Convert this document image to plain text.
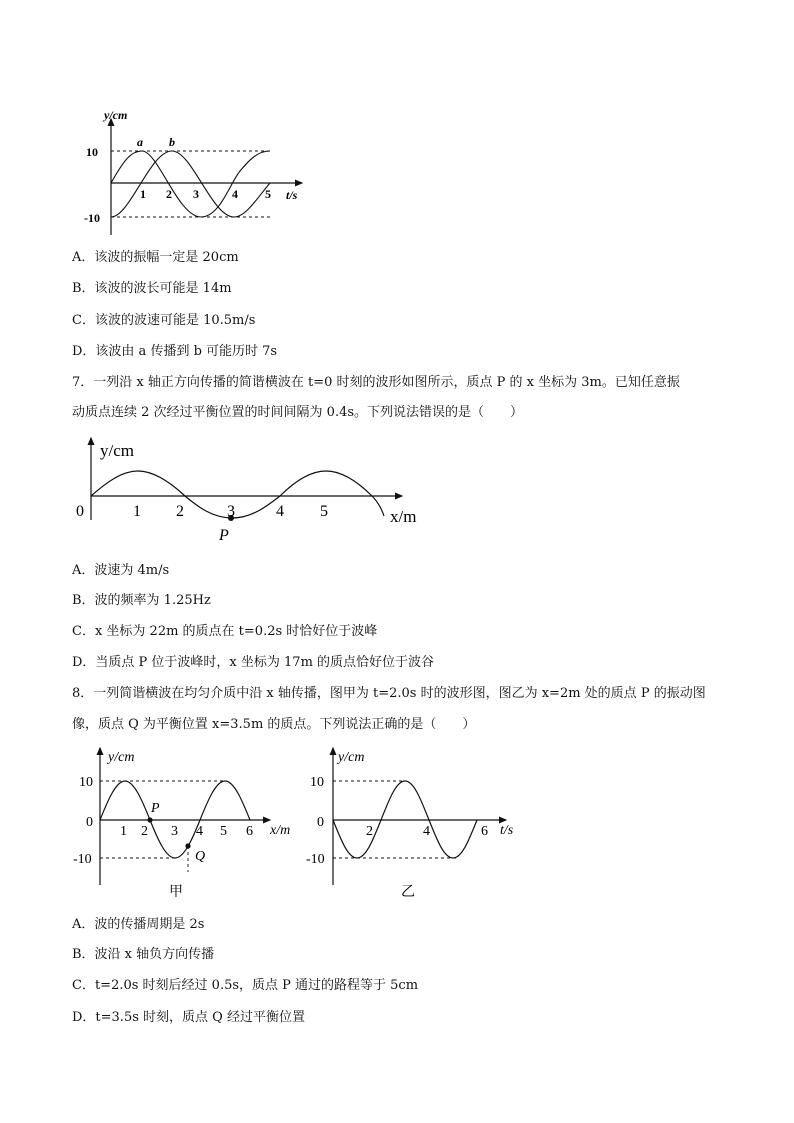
y/cm
t/s
a b
10
-10
1 2 3	4 5
A．该波的振幅一定是 20cm
B．该波的波长可能是 14m
C．该波的波速可能是 10.5m/s
D．该波由 a 传播到 b 可能历时 7s
7．一列沿 x 轴正方向传播的简谐横波在 t=0 时刻的波形如图所示，质点 P 的 x 坐标为 3m。已知任意振
动质点连续 2 次经过平衡位置的时间间隔为 0.4s。下列说法错误的是（　　）
y/cm
x/m
0	1 2	3	4 5
P
A．波速为 4m/s
B．波的频率为 1.25Hz
C．x 坐标为 22m 的质点在 t=0.2s 时恰好位于波峰
D．当质点 P 位于波峰时，x 坐标为 17m 的质点恰好位于波谷
8．一列简谐横波在均匀介质中沿 x 轴传播，图甲为 t=2.0s 时的波形图，图乙为 x=2m 处的质点 P 的振动图
像，质点 Q 为平衡位置 x=3.5m 的质点。下列说法正确的是（　　）
y/cm
x/m
0
10
-10
1 2 3 4 5 6
P
Q
甲
y/cm
t/s
0
10
-10
2	4	6
乙
A．波的传播周期是 2s
B．波沿 x 轴负方向传播
C．t=2.0s 时刻后经过 0.5s，质点 P 通过的路程等于 5cm
D．t=3.5s 时刻，质点 Q 经过平衡位置
